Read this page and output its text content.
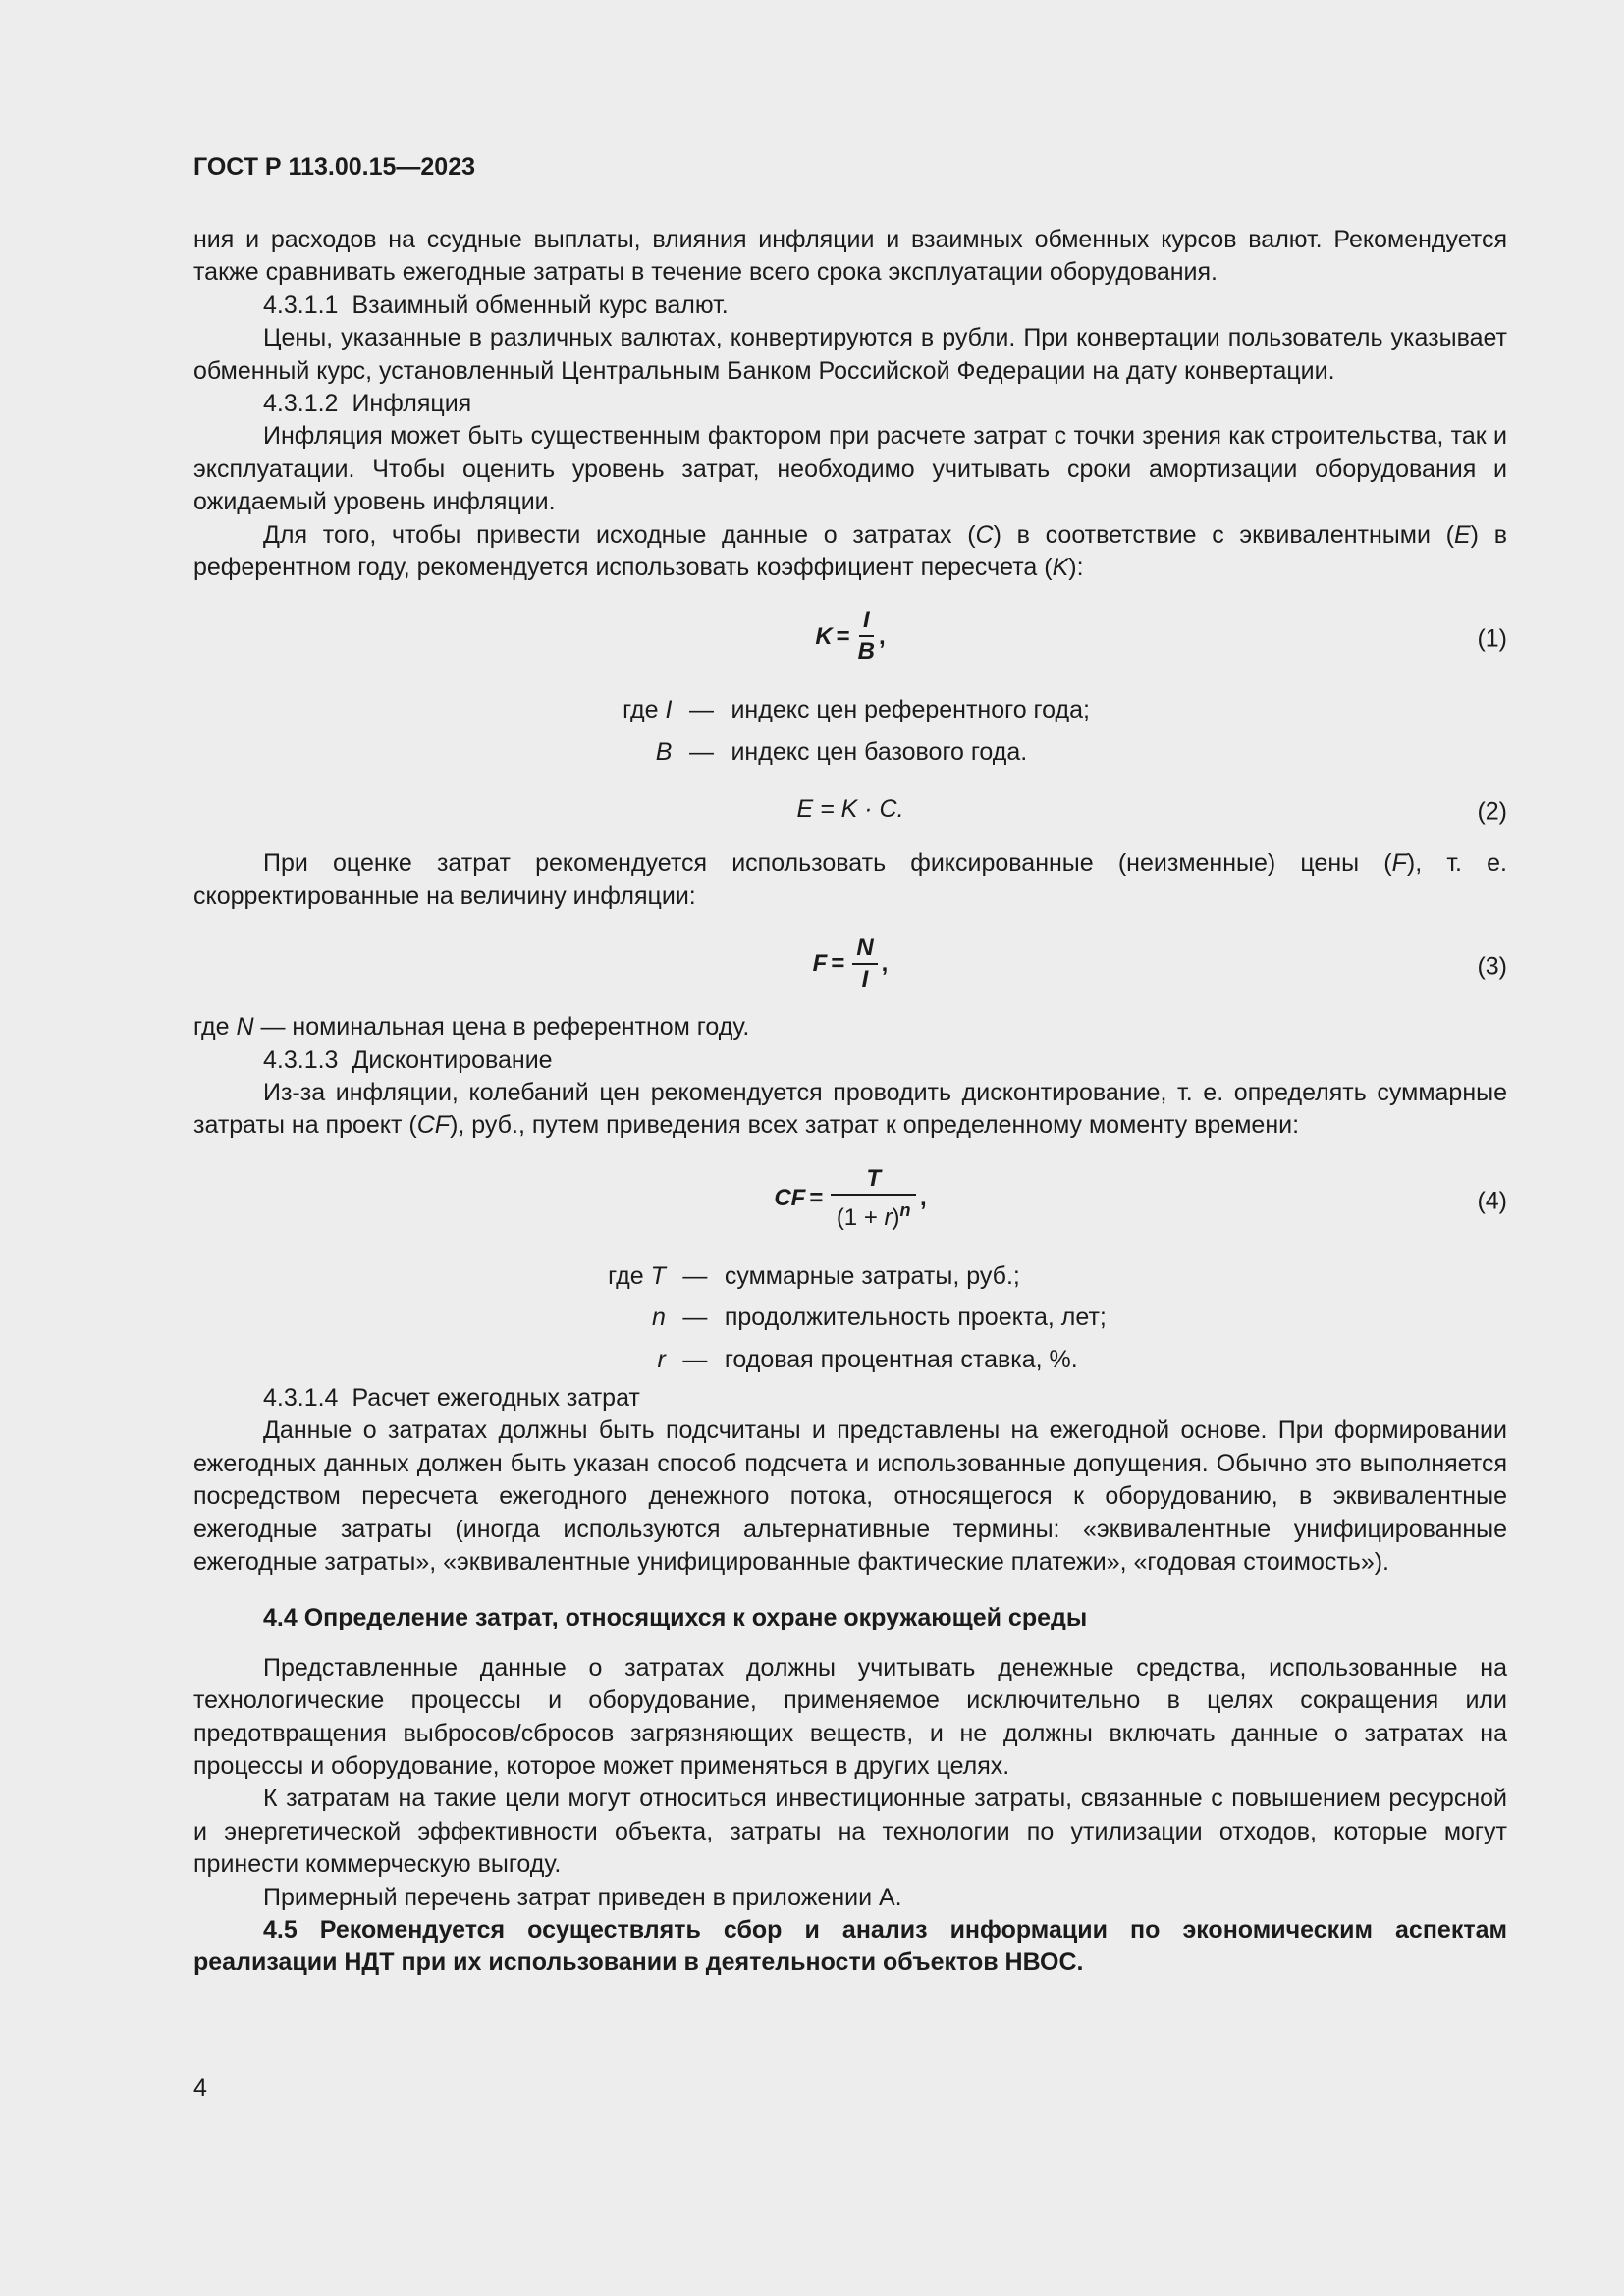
ГОСТ Р 113.00.15—2023

ния и расходов на ссудные выплаты, влияния инфляции и взаимных обменных курсов валют. Рекомендуется также сравнивать ежегодные затраты в течение всего срока эксплуатации оборудования.

4.3.1.1 Взаимный обменный курс валют.

Цены, указанные в различных валютах, конвертируются в рубли. При конвертации пользователь указывает обменный курс, установленный Центральным Банком Российской Федерации на дату конвертации.

4.3.1.2 Инфляция

Инфляция может быть существенным фактором при расчете затрат с точки зрения как строительства, так и эксплуатации. Чтобы оценить уровень затрат, необходимо учитывать сроки амортизации оборудования и ожидаемый уровень инфляции.

Для того, чтобы привести исходные данные о затратах (C) в соответствие с эквивалентными (E) в референтном году, рекомендуется использовать коэффициент пересчета (K):

$K = \frac{I}{B}$ ,	(1)
где I — индекс цен референтного года;
B — индекс цен базового года.
E = K · C.	(2)

При оценке затрат рекомендуется использовать фиксированные (неизменные) цены (F), т. е. скорректированные на величину инфляции:

$F = \frac{N}{I}$ ,	(3)

где N — номинальная цена в референтном году.

4.3.1.3 Дисконтирование

Из-за инфляции, колебаний цен рекомендуется проводить дисконтирование, т. е. определять суммарные затраты на проект (CF), руб., путем приведения всех затрат к определенному моменту времени:

CF = $\frac{T}{(1 + r)^n}$ ,	(4)
где T — суммарные затраты, руб.;
n — продолжительность проекта, лет;
r — годовая процентная ставка, %.

4.3.1.4 Расчет ежегодных затрат

Данные о затратах должны быть подсчитаны и представлены на ежегодной основе. При формировании ежегодных данных должен быть указан способ подсчета и использованные допущения. Обычно это выполняется посредством пересчета ежегодного денежного потока, относящегося к оборудованию, в эквивалентные ежегодные затраты (иногда используются альтернативные термины: «эквивалентные унифицированные ежегодные затраты», «эквивалентные унифицированные фактические платежи», «годовая стоимость»).

4.4 Определение затрат, относящихся к охране окружающей среды

Представленные данные о затратах должны учитывать денежные средства, использованные на технологические процессы и оборудование, применяемое исключительно в целях сокращения или предотвращения выбросов/сбросов загрязняющих веществ, и не должны включать данные о затратах на процессы и оборудование, которое может применяться в других целях.

К затратам на такие цели могут относиться инвестиционные затраты, связанные с повышением ресурсной и энергетической эффективности объекта, затраты на технологии по утилизации отходов, которые могут принести коммерческую выгоду.

Примерный перечень затрат приведен в приложении А.

4.5 Рекомендуется осуществлять сбор и анализ информации по экономическим аспектам реализации НДТ при их использовании в деятельности объектов НВОС.

4
